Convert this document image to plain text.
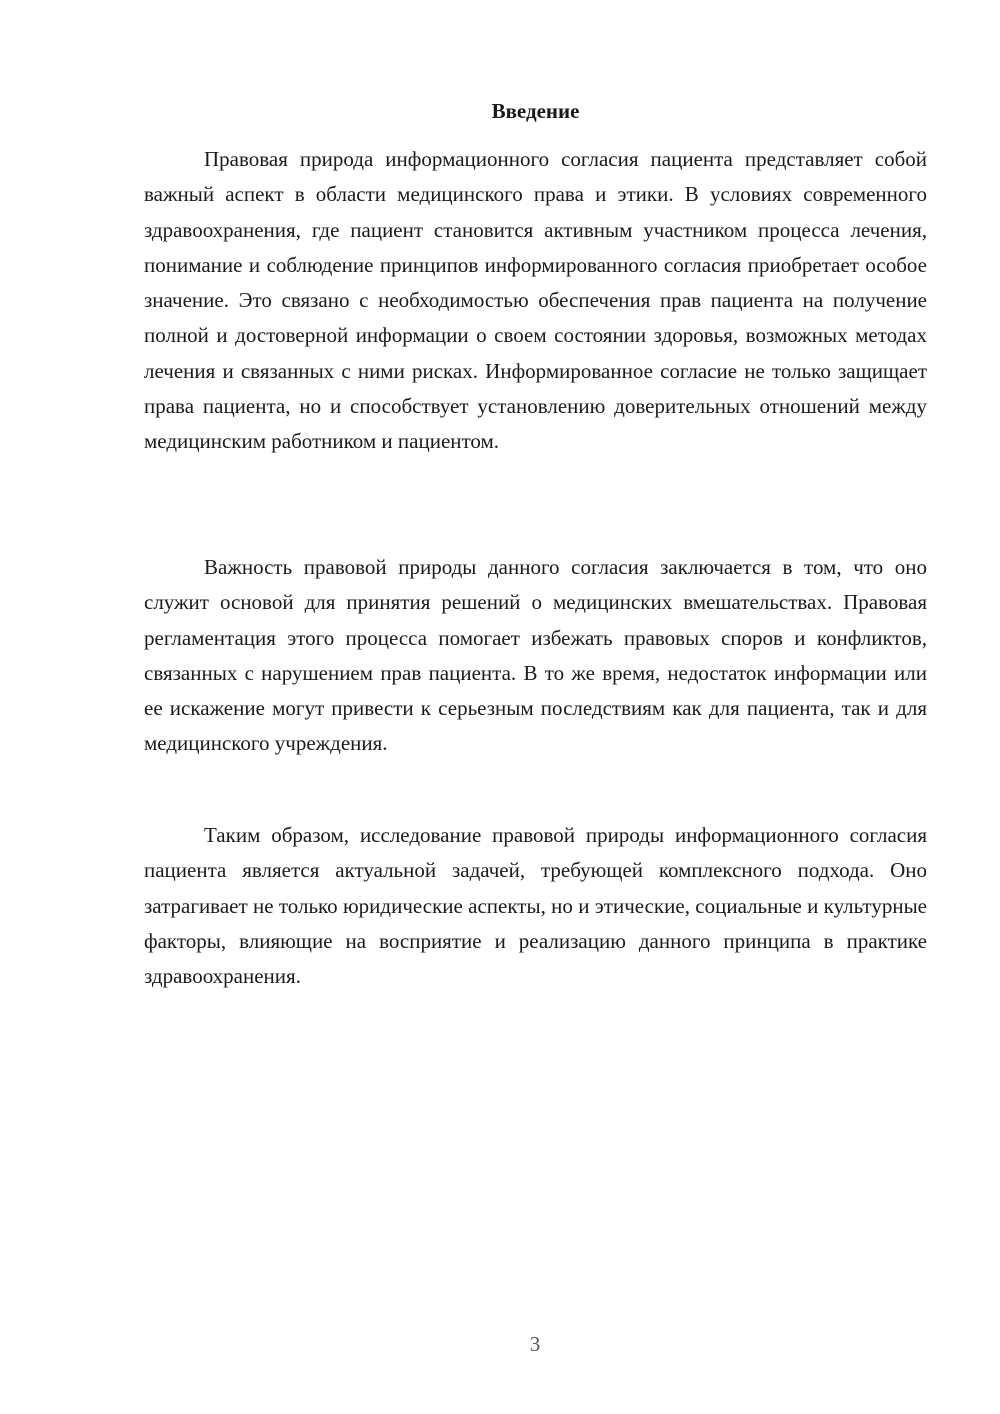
Введение

Правовая природа информационного согласия пациента представляет собой важный аспект в области медицинского права и этики. В условиях современного здравоохранения, где пациент становится активным участником процесса лечения, понимание и соблюдение принципов информированного согласия приобретает особое значение. Это связано с необходимостью обеспечения прав пациента на получение полной и достоверной информации о своем состоянии здоровья, возможных методах лечения и связанных с ними рисках. Информированное согласие не только защищает права пациента, но и способствует установлению доверительных отношений между медицинским работником и пациентом.

Важность правовой природы данного согласия заключается в том, что оно служит основой для принятия решений о медицинских вмешательствах. Правовая регламентация этого процесса помогает избежать правовых споров и конфликтов, связанных с нарушением прав пациента. В то же время, недостаток информации или ее искажение могут привести к серьезным последствиям как для пациента, так и для медицинского учреждения.

Таким образом, исследование правовой природы информационного согласия пациента является актуальной задачей, требующей комплексного подхода. Оно затрагивает не только юридические аспекты, но и этические, социальные и культурные факторы, влияющие на восприятие и реализацию данного принципа в практике здравоохранения.

3
